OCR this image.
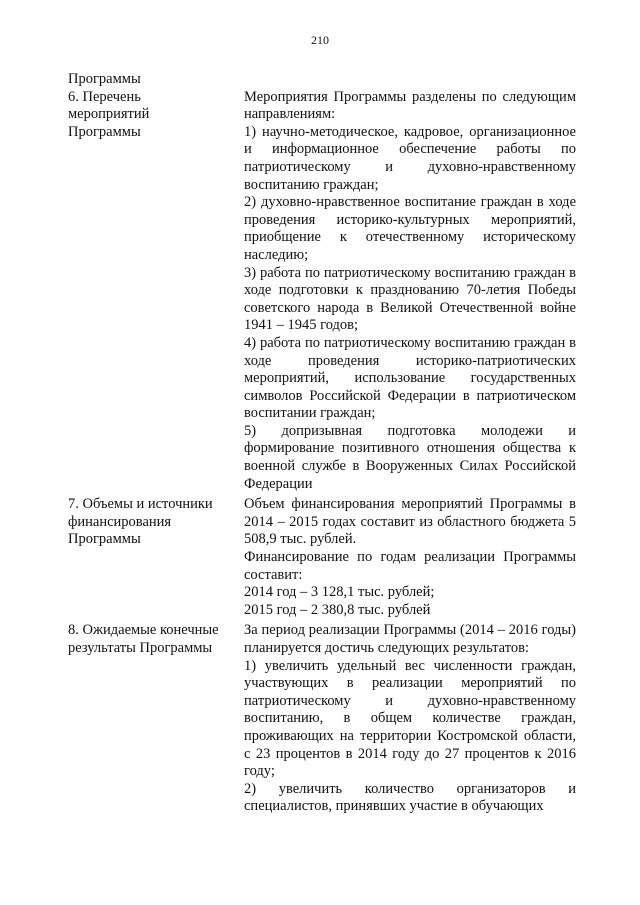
210
Программы
6. Перечень
мероприятий
Программы

Мероприятия Программы разделены по следующим направлениям:

1) научно-методическое, кадровое, организационное и информационное обеспечение работы по патриотическому и духовно-нравственному воспитанию граждан;

2) духовно-нравственное воспитание граждан в ходе проведения историко-культурных мероприятий, приобщение к отечественному историческому наследию;

3) работа по патриотическому воспитанию граждан в ходе подготовки к празднованию 70-летия Победы советского народа в Великой Отечественной войне 1941 – 1945 годов;

4) работа по патриотическому воспитанию граждан в ходе проведения историко-патриотических мероприятий, использование государственных символов Российской Федерации в патриотическом воспитании граждан;

5) допризывная подготовка молодежи и формирование позитивного отношения общества к военной службе в Вооруженных Силах Российской Федерации

7. Объемы и источники
финансирования
Программы

Объем финансирования мероприятий Программы в 2014 – 2015 годах составит из областного бюджета 5 508,9 тыс. рублей.

Финансирование по годам реализации Программы составит:

2014 год – 3 128,1 тыс. рублей;

2015 год – 2 380,8 тыс. рублей

8. Ожидаемые конечные
результаты Программы

За период реализации Программы (2014 – 2016 годы) планируется достичь следующих результатов:

1) увеличить удельный вес численности граждан, участвующих в реализации мероприятий по патриотическому и духовно-нравственному воспитанию, в общем количестве граждан, проживающих на территории Костромской области, с 23 процентов в 2014 году до 27 процентов к 2016 году;

2) увеличить количество организаторов и специалистов, принявших участие в обучающих
